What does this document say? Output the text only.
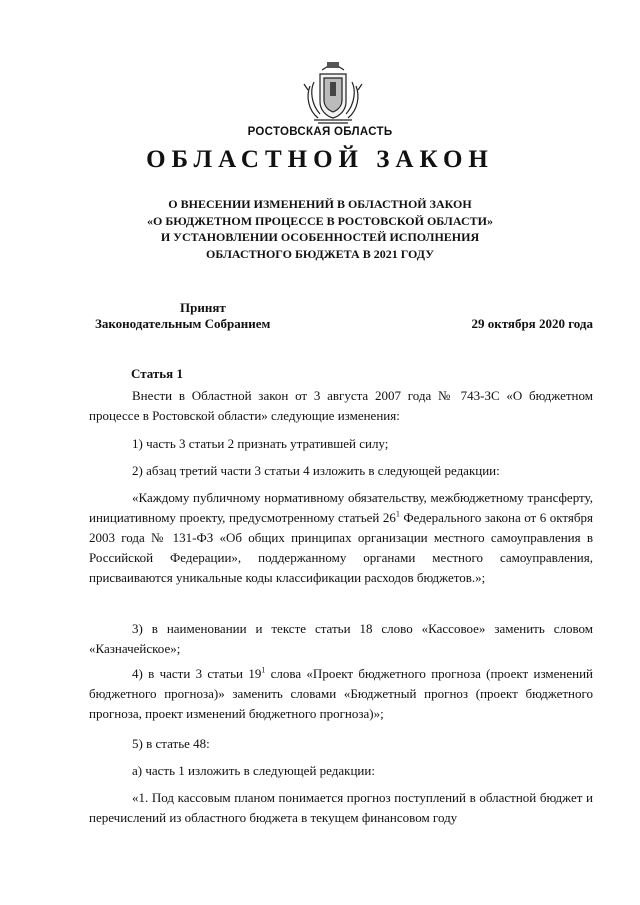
РОСТОВСКАЯ ОБЛАСТЬ
ОБЛАСТНОЙ ЗАКОН
О ВНЕСЕНИИ ИЗМЕНЕНИЙ В ОБЛАСТНОЙ ЗАКОН
«О БЮДЖЕТНОМ ПРОЦЕССЕ В РОСТОВСКОЙ ОБЛАСТИ»
И УСТАНОВЛЕНИИ ОСОБЕННОСТЕЙ ИСПОЛНЕНИЯ
ОБЛАСТНОГО БЮДЖЕТА В 2021 ГОДУ
Принят
Законодательным Собранием	29 октября 2020 года
Статья 1

Внести в Областной закон от 3 августа 2007 года № 743-ЗС «О бюджетном процессе в Ростовской области» следующие изменения:

1) часть 3 статьи 2 признать утратившей силу;

2) абзац третий части 3 статьи 4 изложить в следующей редакции:

«Каждому публичному нормативному обязательству, межбюджетному трансферту, инициативному проекту, предусмотренному статьей $26^1$ Федерального закона от 6 октября 2003 года № 131-ФЗ «Об общих принципах организации местного самоуправления в Российской Федерации», поддержанному органами местного самоуправления, присваиваются уникальные коды классификации расходов бюджетов.»;

3) в наименовании и тексте статьи 18 слово «Кассовое» заменить словом «Казначейское»;

4) в части 3 статьи $19^1$ слова «Проект бюджетного прогноза (проект изменений бюджетного прогноза)» заменить словами «Бюджетный прогноз (проект бюджетного прогноза, проект изменений бюджетного прогноза)»;

5) в статье 48:

а) часть 1 изложить в следующей редакции:

«1. Под кассовым планом понимается прогноз поступлений в областной бюджет и перечислений из областного бюджета в текущем финансовом году
